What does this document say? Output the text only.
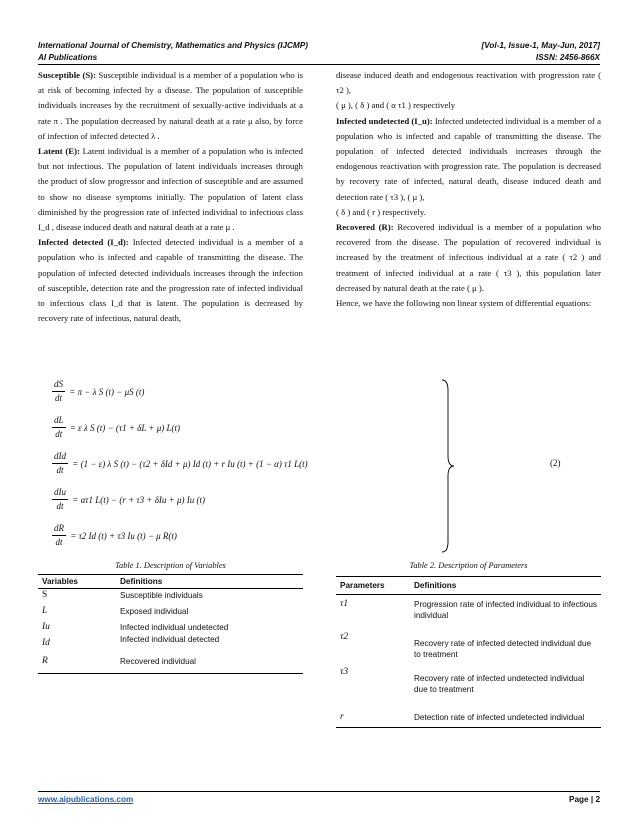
International Journal of Chemistry, Mathematics and Physics (IJCMP)	[Vol-1, Issue-1, May-Jun, 2017]
AI Publications	ISSN: 2456-866X

Susceptible (S): Susceptible individual is a member of a population who is at risk of becoming infected by a disease. The population of susceptible individuals increases by the recruitment of sexually-active individuals at a rate π . The population decreased by natural death at a rate μ also, by force of infection of infected detected λ .

Latent (E): Latent individual is a member of a population who is infected but not infectious. The population of latent individuals increases through the product of slow progressor and infection of susceptible and are assumed to show no disease symptoms initially. The population of latent class diminished by the progression rate of infected individual to infectious class I_d , disease induced death and natural death at a rate μ .

Infected detected (I_d): Infected detected individual is a member of a population who is infected and capable of transmitting the disease. The population of infected detected individuals increases through the infection of susceptible, detection rate and the progression rate of infected individual to infectious class I_d that is latent. The population is decreased by recovery rate of infectious, natural death,

disease induced death and endogenous reactivation with progression rate ( τ2 ),

( μ ), ( δ ) and ( α τ1 ) respectively

Infected undetected (I_u): Infected undetected individual is a member of a population who is infected and capable of transmitting the disease. The population of infected detected individuals increases through the endogenous reactivation with progression rate. The population is decreased by recovery rate of infected, natural death, disease induced death and detection rate ( τ3 ), ( μ ),

( δ ) and ( r ) respectively.

Recovered (R): Recovered individual is a member of a population who recovered from the disease. The population of recovered individual is increased by the treatment of infectious individual at a rate ( τ2 ) and treatment of infected individual at a rate ( τ3 ), this population later decreased by natural death at the rate ( μ ).

Hence, we have the following non linear system of differential equations:

$\frac{dS}{dt} = \pi - \lambda$ S (t) − μS (t)
$\frac{dL}{dt} = \varepsilon$ λ S (t) − (τ1 + δL + μ) L(t)
$\frac{\text{dId}}{dt} = (1 - \varepsilon)$ λ S (t) − (τ2 + δId + μ) Id (t) + r Iu (t) + (1 − α) τ1 L(t)
$\frac{\text{dIu}}{dt} = \alpha\tau 1$ L(t) − (r + τ3 + δIu + μ) Iu (t)
$\frac{dR}{dt} = \tau 2$ Id (t) + τ3 Iu (t) − μ R(t)
(2)
Table 1. Description of Variables
Variables	Definitions
S	Susceptible individuals
L	Exposed individual
Iu	Infected individual undetected
Id	Infected individual detected
R	Recovered individual
Table 2. Description of Parameters
Parameters	Definitions
τ1	Progression rate of infected individual to infectious individual
τ2	Recovery rate of infected detected individual due to treatment
τ3	Recovery rate of infected undetected individual due to treatment
r	Detection rate of infected undetected individual
www.aipublications.com	Page | 2
